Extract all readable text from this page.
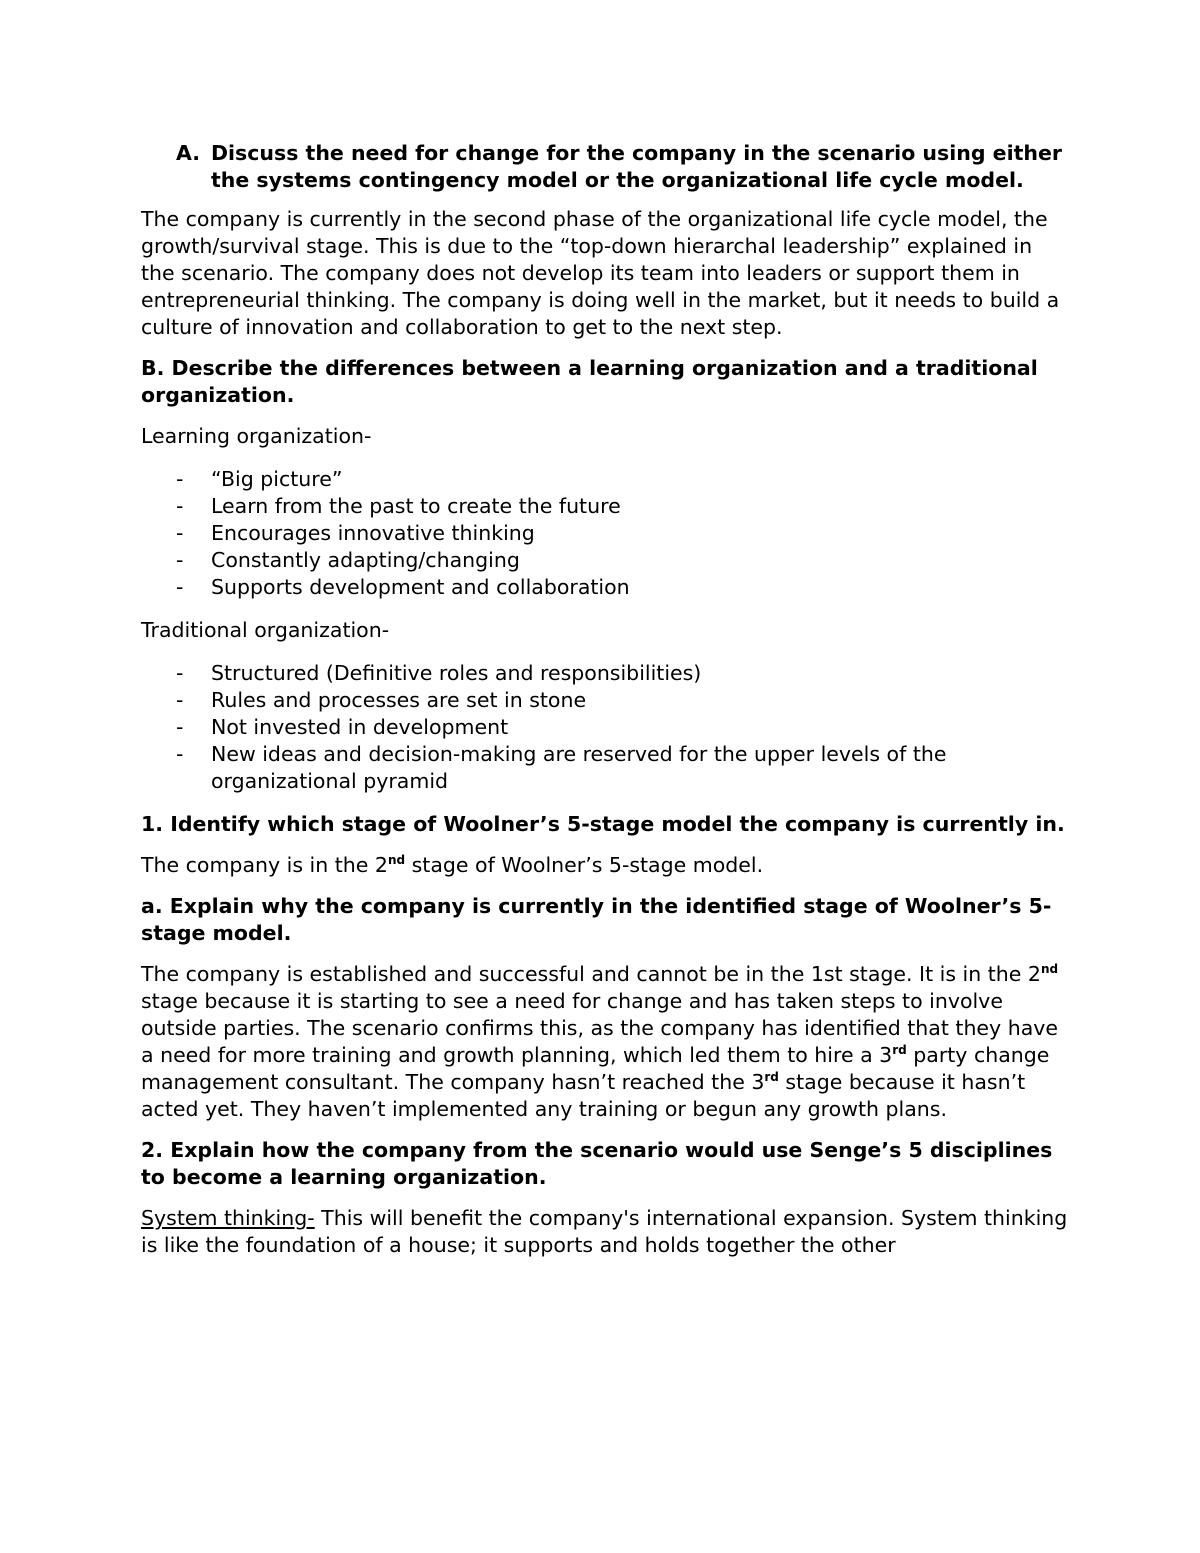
A. Discuss the need for change for the company in the scenario using either the systems contingency model or the organizational life cycle model.

The company is currently in the second phase of the organizational life cycle model, the growth/survival stage. This is due to the “top-down hierarchal leadership” explained in the scenario. The company does not develop its team into leaders or support them in entrepreneurial thinking. The company is doing well in the market, but it needs to build a culture of innovation and collaboration to get to the next step.

B. Describe the differences between a learning organization and a traditional organization.

Learning organization-

-	“Big picture”
-	Learn from the past to create the future
-	Encourages innovative thinking
-	Constantly adapting/changing
-	Supports development and collaboration

Traditional organization-

-	Structured (Definitive roles and responsibilities)
-	Rules and processes are set in stone
-	Not invested in development
-	New ideas and decision-making are reserved for the upper levels of the organizational pyramid

1. Identify which stage of Woolner’s 5-stage model the company is currently in.

The company is in the 2nd stage of Woolner’s 5-stage model.

a. Explain why the company is currently in the identified stage of Woolner’s 5-stage model.

The company is established and successful and cannot be in the 1st stage. It is in the 2nd stage because it is starting to see a need for change and has taken steps to involve outside parties. The scenario confirms this, as the company has identified that they have a need for more training and growth planning, which led them to hire a 3rd party change management consultant. The company hasn’t reached the 3rd stage because it hasn’t acted yet. They haven’t implemented any training or begun any growth plans.

2. Explain how the company from the scenario would use Senge’s 5 disciplines to become a learning organization.

System thinking- This will benefit the company's international expansion. System thinking is like the foundation of a house; it supports and holds together the other
